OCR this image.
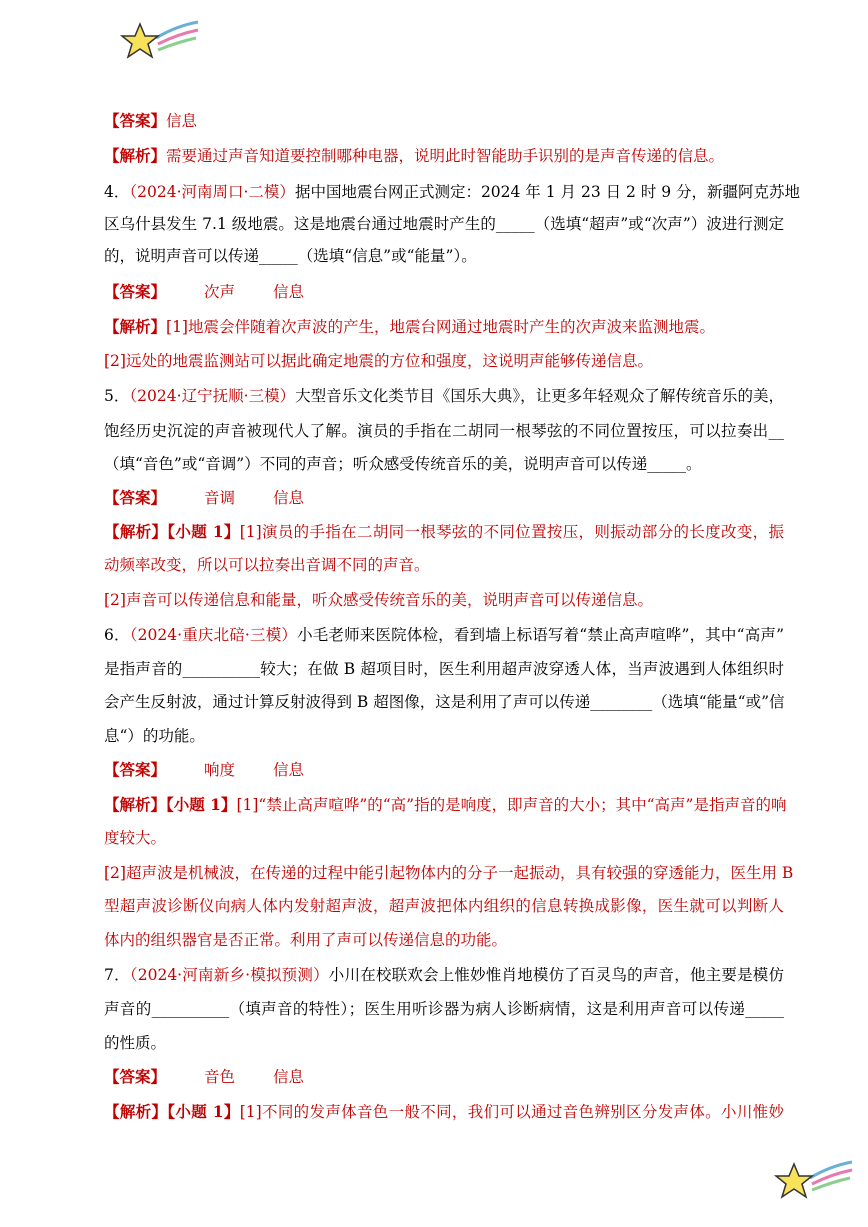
【答案】信息
【解析】需要通过声音知道要控制哪种电器，说明此时智能助手识别的是声音传递的信息。
4．（2024·河南周口·二模）据中国地震台网正式测定：2024 年 1 月 23 日 2 时 9 分，新疆阿克苏地
区乌什县发生 7.1 级地震。这是地震台通过地震时产生的_____（选填“超声”或“次声”）波进行测定
的，说明声音可以传递_____（选填“信息”或“能量”）。
【答案】 次声 信息
【解析】[1]地震会伴随着次声波的产生，地震台网通过地震时产生的次声波来监测地震。
[2]远处的地震监测站可以据此确定地震的方位和强度，这说明声能够传递信息。
5．（2024·辽宁抚顺·三模）大型音乐文化类节目《国乐大典》，让更多年轻观众了解传统音乐的美，
饱经历史沉淀的声音被现代人了解。演员的手指在二胡同一根琴弦的不同位置按压，可以拉奏出__
（填“音色”或“音调”）不同的声音；听众感受传统音乐的美，说明声音可以传递_____。
【答案】 音调 信息
【解析】【小题 1】[1]演员的手指在二胡同一根琴弦的不同位置按压，则振动部分的长度改变，振
动频率改变，所以可以拉奏出音调不同的声音。
[2]声音可以传递信息和能量，听众感受传统音乐的美，说明声音可以传递信息。
6．（2024·重庆北碚·三模）小毛老师来医院体检，看到墙上标语写着“禁止高声喧哗”，其中“高声”
是指声音的__________较大；在做 B 超项目时，医生利用超声波穿透人体，当声波遇到人体组织时
会产生反射波，通过计算反射波得到 B 超图像，这是利用了声可以传递________（选填“能量“或”信
息“）的功能。
【答案】 响度 信息
【解析】【小题 1】[1]“禁止高声喧哗”的“高”指的是响度，即声音的大小；其中“高声”是指声音的响
度较大。
[2]超声波是机械波，在传递的过程中能引起物体内的分子一起振动，具有较强的穿透能力，医生用 B
型超声波诊断仪向病人体内发射超声波，超声波把体内组织的信息转换成影像，医生就可以判断人
体内的组织器官是否正常。利用了声可以传递信息的功能。
7．（2024·河南新乡·模拟预测）小川在校联欢会上惟妙惟肖地模仿了百灵鸟的声音，他主要是模仿
声音的__________（填声音的特性）；医生用听诊器为病人诊断病情，这是利用声音可以传递_____
的性质。
【答案】 音色 信息
【解析】【小题 1】[1]不同的发声体音色一般不同，我们可以通过音色辨别区分发声体。小川惟妙
